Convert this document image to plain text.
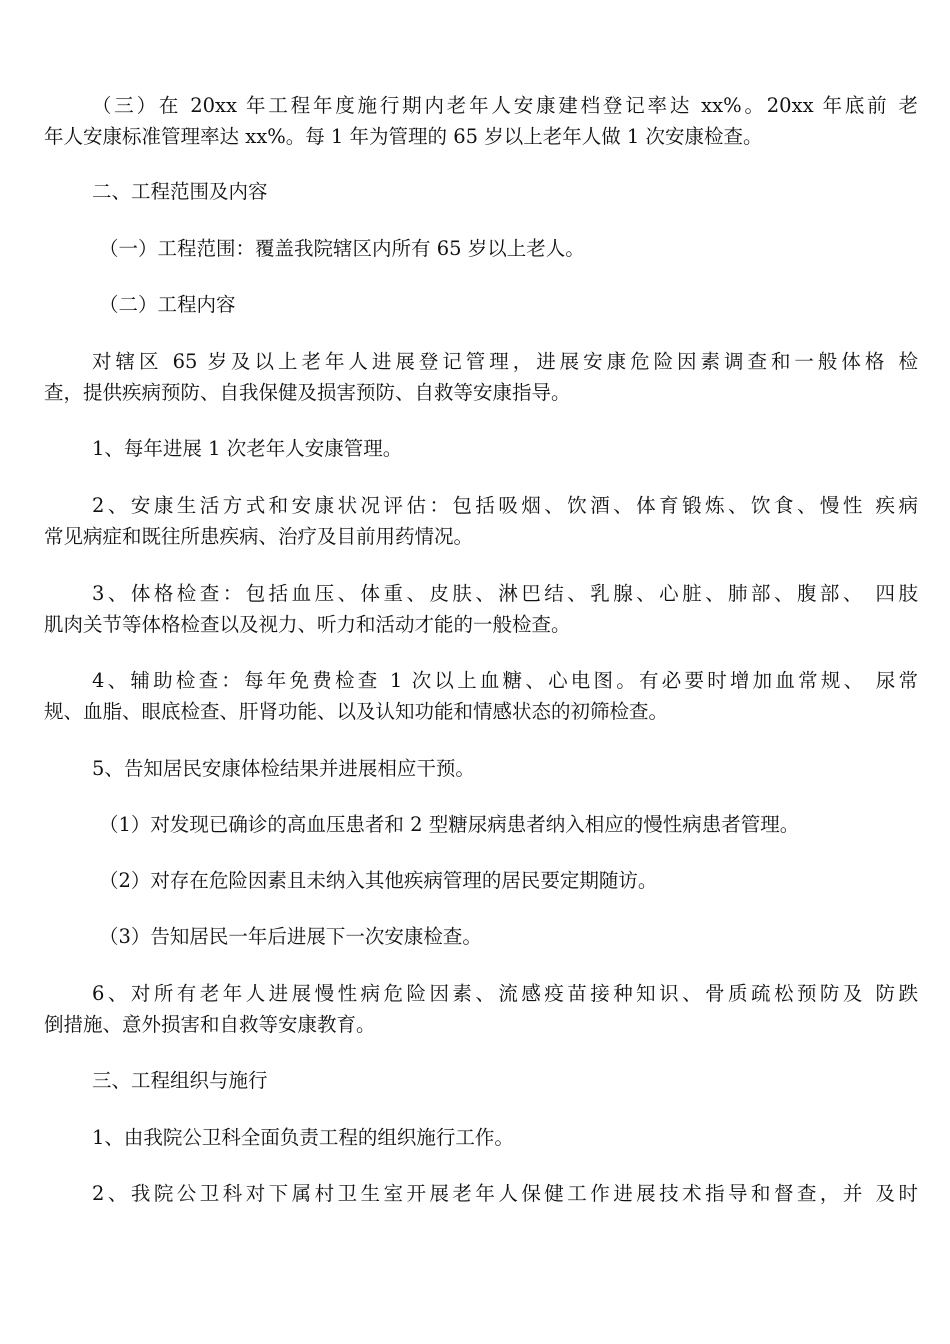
（三）在 20xx 年工程年度施行期内老年人安康建档登记率达 xx%。20xx 年底前 老
年人安康标准管理率达 xx%。每 1 年为管理的 65 岁以上老年人做 1 次安康检查。

二、工程范围及内容

（一）工程范围：覆盖我院辖区内所有 65 岁以上老人。

（二）工程内容

对辖区 65 岁及以上老年人进展登记管理，进展安康危险因素调查和一般体格 检
查，提供疾病预防、自我保健及损害预防、自救等安康指导。

1、每年进展 1 次老年人安康管理。

2、安康生活方式和安康状况评估：包括吸烟、饮酒、体育锻炼、饮食、慢性 疾病
常见病症和既往所患疾病、治疗及目前用药情况。

3、体格检查：包括血压、体重、皮肤、淋巴结、乳腺、心脏、肺部、腹部、 四肢
肌肉关节等体格检查以及视力、听力和活动才能的一般检查。

4、辅助检查：每年免费检查 1 次以上血糖、心电图。有必要时增加血常规、 尿常
规、血脂、眼底检查、肝肾功能、以及认知功能和情感状态的初筛检查。

5、告知居民安康体检结果并进展相应干预。

（1）对发现已确诊的高血压患者和 2 型糖尿病患者纳入相应的慢性病患者管理。

（2）对存在危险因素且未纳入其他疾病管理的居民要定期随访。

（3）告知居民一年后进展下一次安康检查。

6、对所有老年人进展慢性病危险因素、流感疫苗接种知识、骨质疏松预防及 防跌
倒措施、意外损害和自救等安康教育。

三、工程组织与施行

1、由我院公卫科全面负责工程的组织施行工作。

2、我院公卫科对下属村卫生室开展老年人保健工作进展技术指导和督查，并 及时
